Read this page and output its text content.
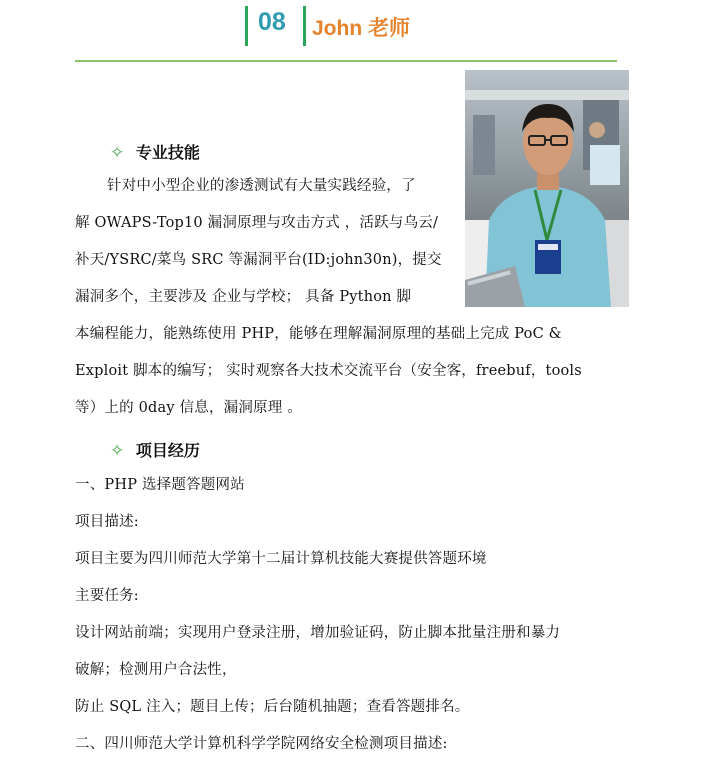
08 John 老师
✧ 专业技能
针对中小型企业的渗透测试有大量实践经验，了
解 OWAPS-Top10 漏洞原理与攻击方式 ，活跃与乌云/
补天/YSRC/菜鸟 SRC 等漏洞平台(ID:john30n)，提交
漏洞多个，主要涉及 企业与学校； 具备 Python 脚
本编程能力，能熟练使用 PHP，能够在理解漏洞原理的基础上完成 PoC &
Exploit 脚本的编写； 实时观察各大技术交流平台（安全客，freebuf，tools
等）上的 0day 信息，漏洞原理 。
✧ 项目经历
一、PHP 选择题答题网站
项目描述:
项目主要为四川师范大学第十二届计算机技能大赛提供答题环境
主要任务:
设计网站前端；实现用户登录注册，增加验证码，防止脚本批量注册和暴力
破解；检测用户合法性，
防止 SQL 注入；题目上传；后台随机抽题；查看答题排名。
二、四川师范大学计算机科学学院网络安全检测项目描述:
